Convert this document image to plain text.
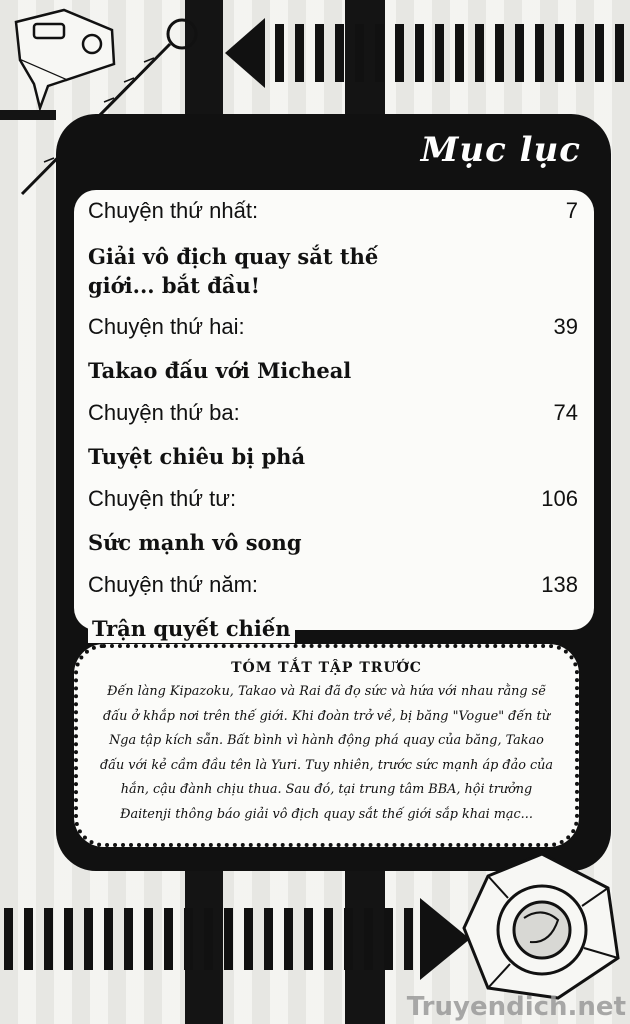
Mục lục
Chuyện thứ nhất:	7
Giải vô địch quay sắt thế giới... bắt đầu!
Chuyện thứ hai:	39
Takao đấu với Micheal
Chuyện thứ ba:	74
Tuyệt chiêu bị phá
Chuyện thứ tư:	106
Sức mạnh vô song
Chuyện thứ năm:	138
Trận quyết chiến
TÓM TẮT TẬP TRƯỚC
Đến làng Kipazoku, Takao và Rai đã đọ sức và hứa với nhau rằng sẽ đấu ở khắp nơi trên thế giới. Khi đoàn trở về, bị băng "Vogue" đến từ Nga tập kích sẵn. Bất bình vì hành động phá quay của băng, Takao đấu với kẻ cầm đầu tên là Yuri. Tuy nhiên, trước sức mạnh áp đảo của hắn, cậu đành chịu thua. Sau đó, tại trung tâm BBA, hội trưởng Đaitenji thông báo giải vô địch quay sắt thế giới sắp khai mạc...
Truyendich.net
